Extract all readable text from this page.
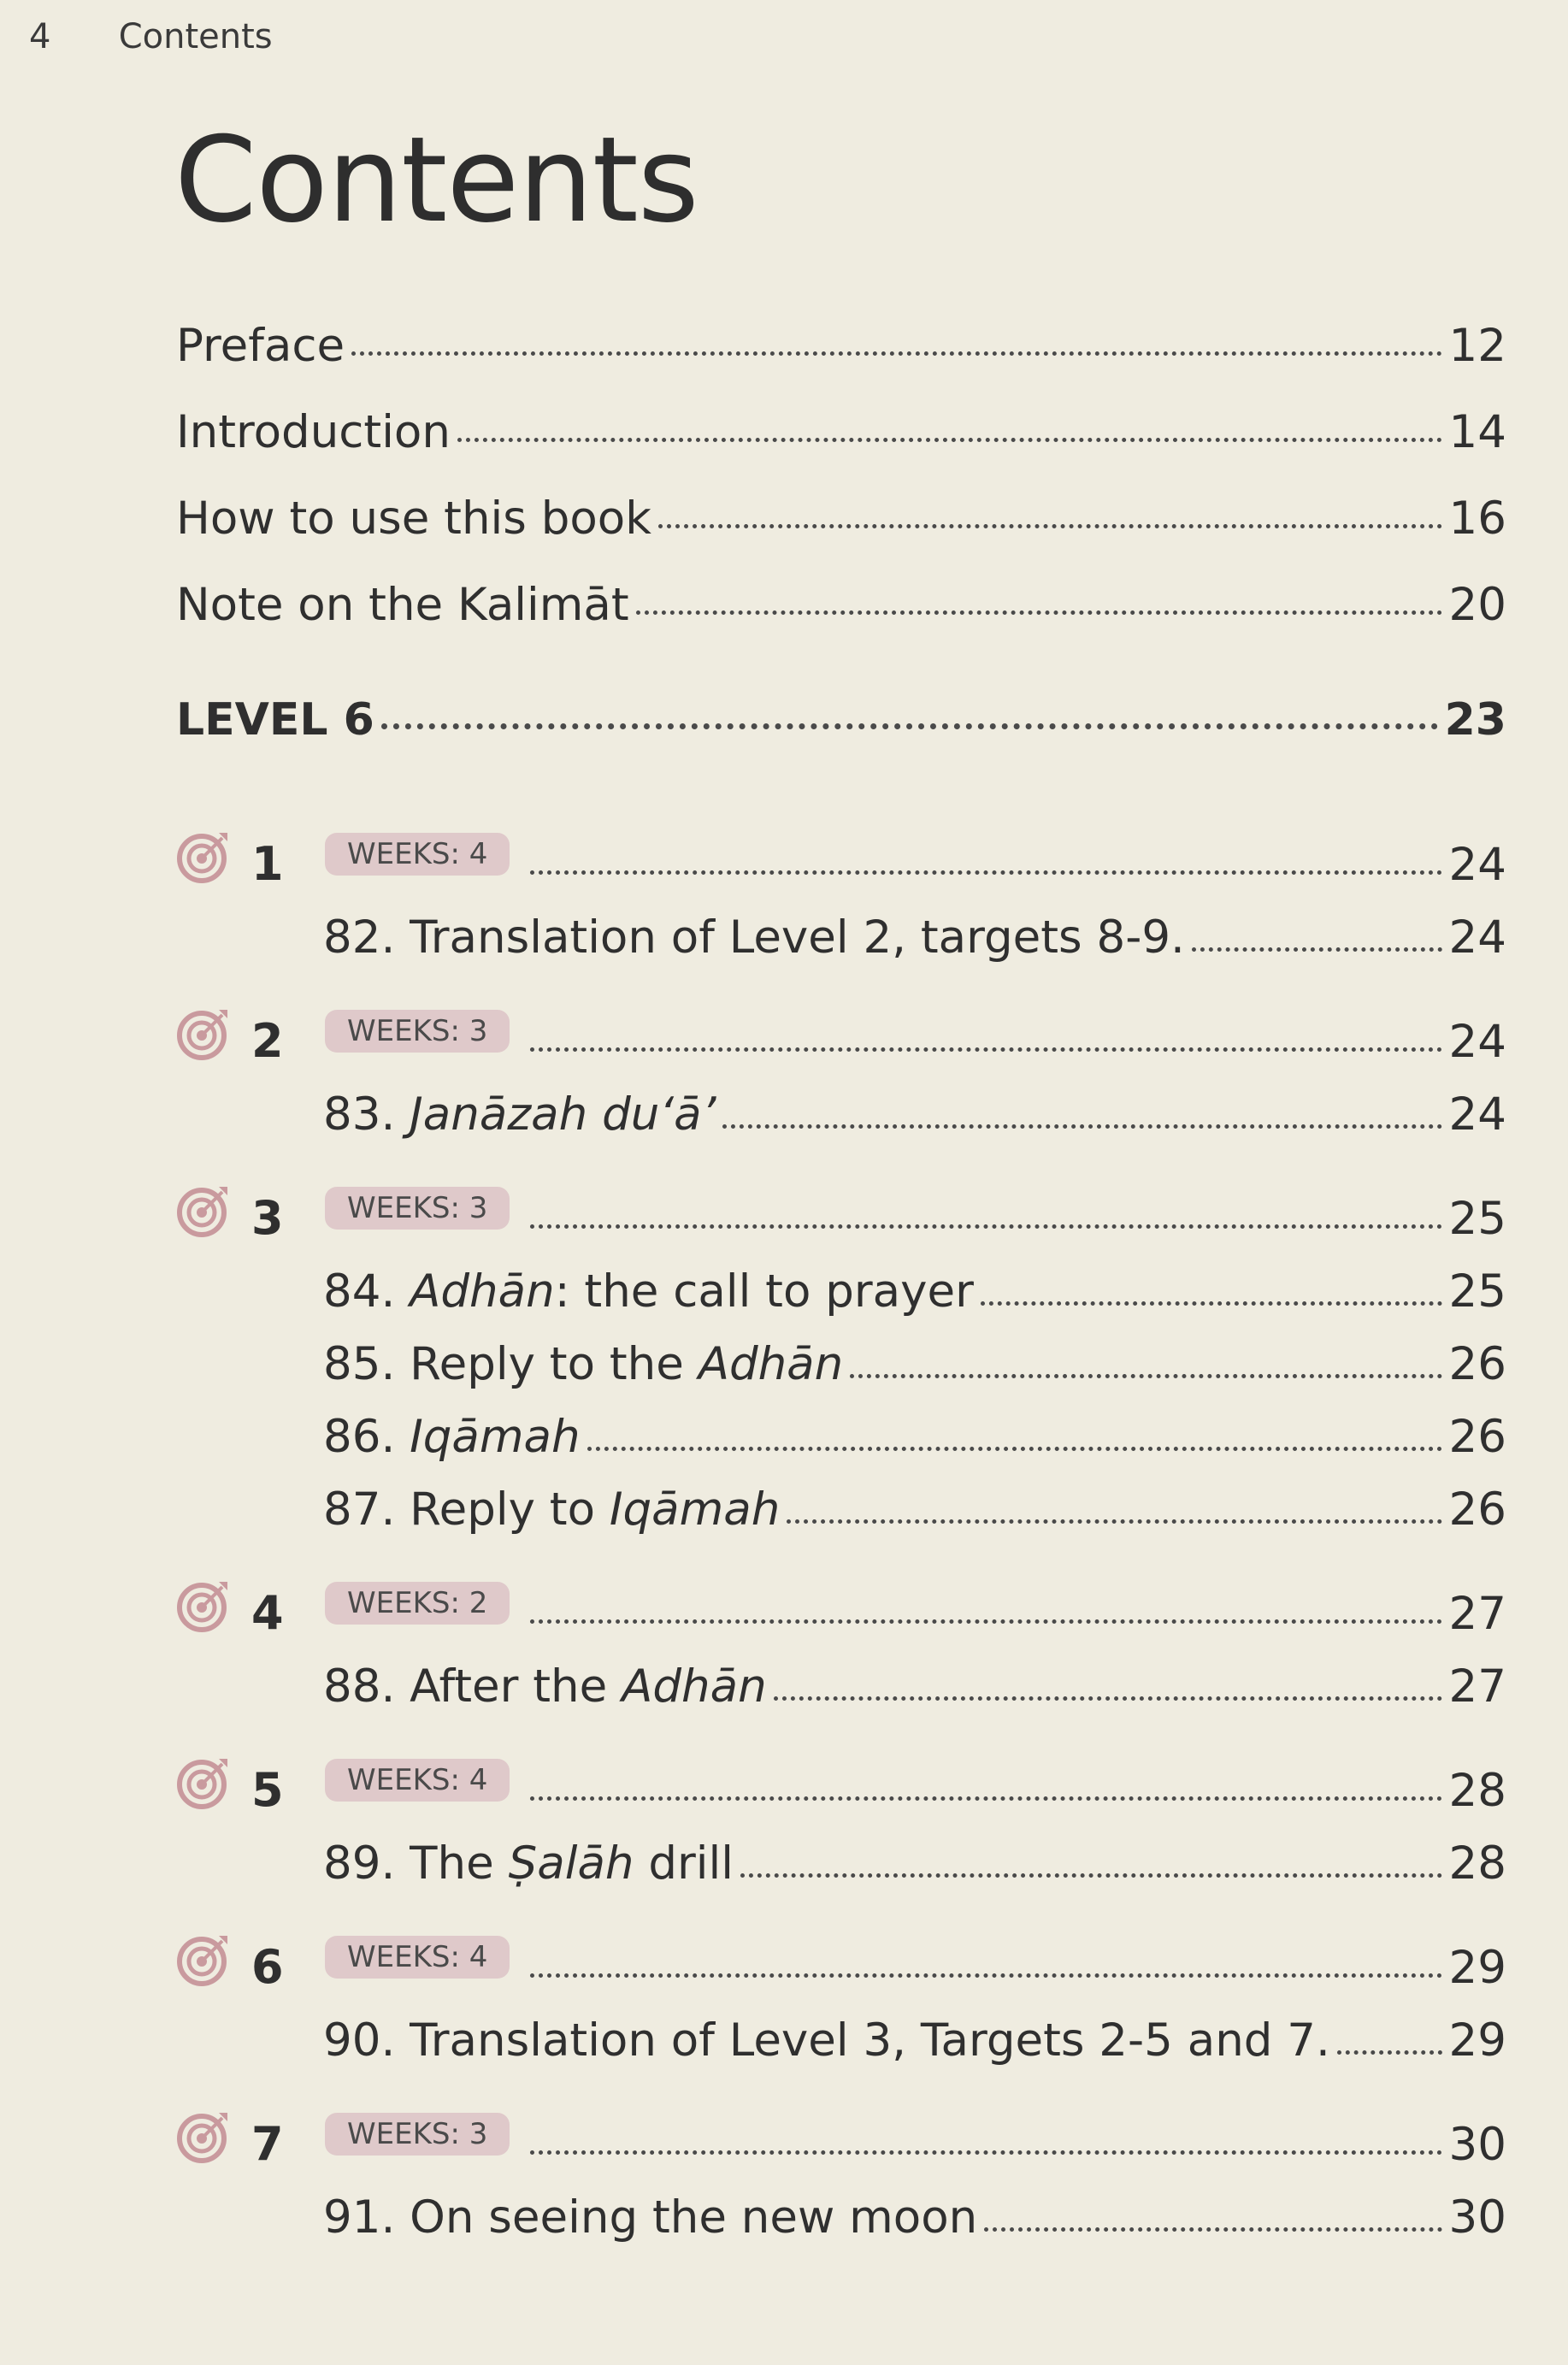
4 Contents
Contents
Preface	12
Introduction	14
How to use this book	16
Note on the Kalimāt	20
LEVEL 6	23
1	WEEKS: 4	24
82. Translation of Level 2, targets 8-9.	24
2	WEEKS: 3	24
83. Janāzah du‘ā’	24
3	WEEKS: 3	25
84. Adhān: the call to prayer	25
85. Reply to the Adhān	26
86. Iqāmah	26
87. Reply to Iqāmah	26
4	WEEKS: 2	27
88. After the Adhān	27
5	WEEKS: 4	28
89. The Ṣalāh drill	28
6	WEEKS: 4	29
90. Translation of Level 3, Targets 2-5 and 7.	29
7	WEEKS: 3	30
91. On seeing the new moon	30
